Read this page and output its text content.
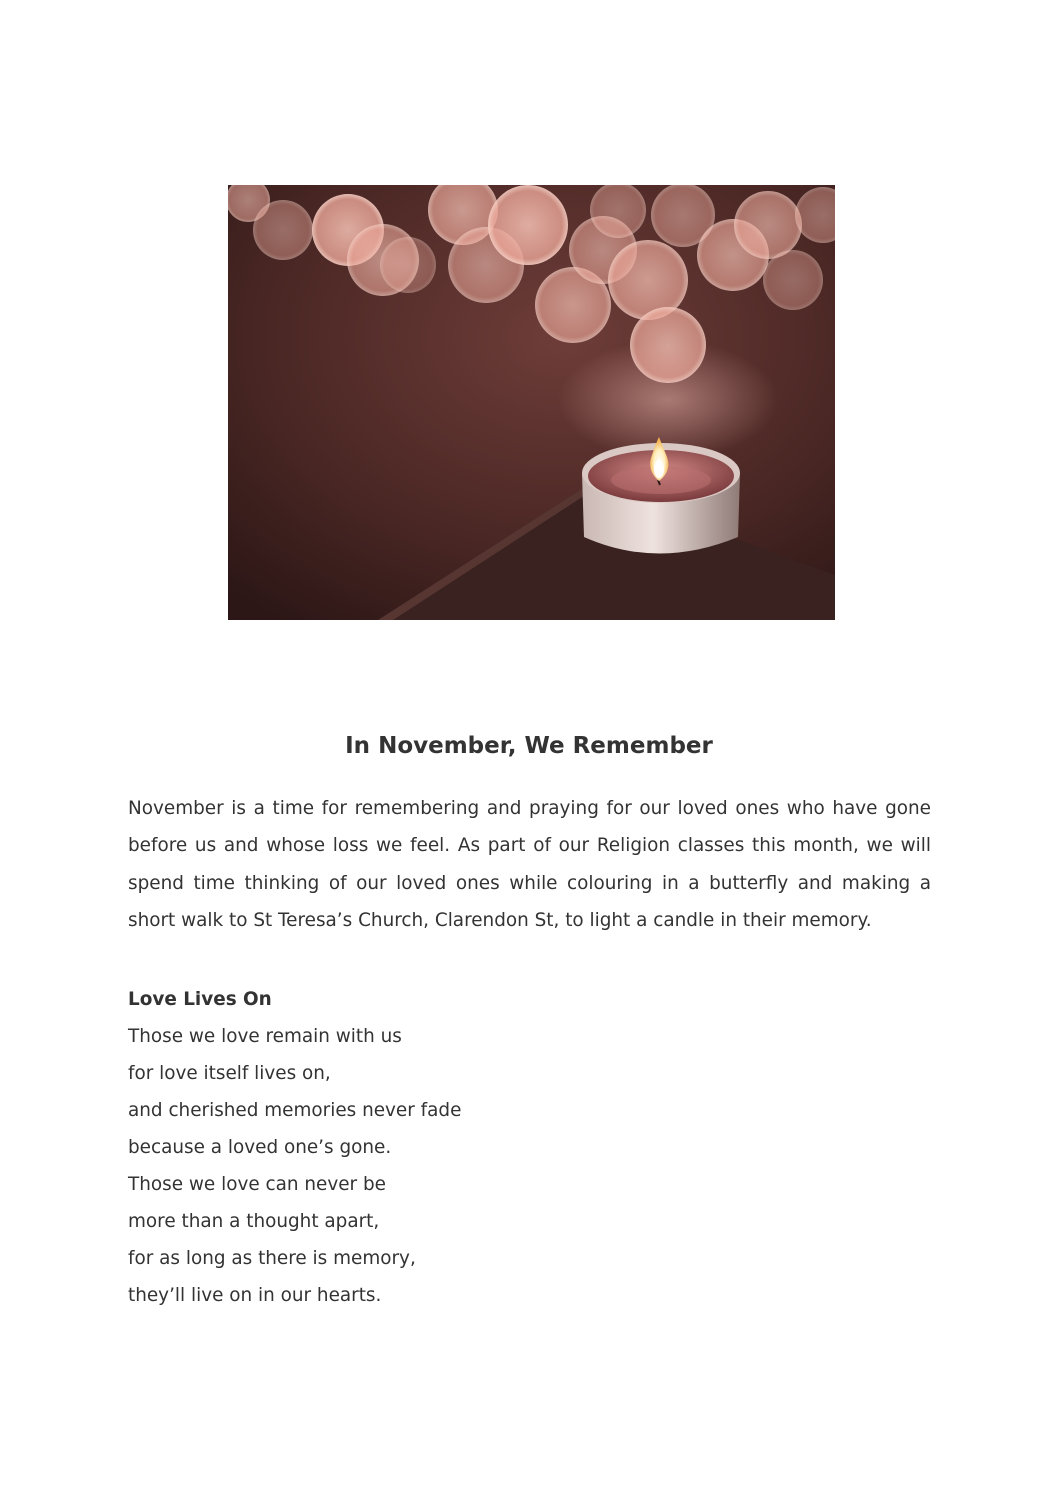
In November, We Remember

November is a time for remembering and praying for our loved ones who have gone before us and whose loss we feel. As part of our Religion classes this month, we will spend time thinking of our loved ones while colouring in a butterfly and making a short walk to St Teresa’s Church, Clarendon St, to light a candle in their memory.

Love Lives On
Those we love remain with us
for love itself lives on,
and cherished memories never fade
because a loved one’s gone.
Those we love can never be
more than a thought apart,
for as long as there is memory,
they’ll live on in our hearts.
